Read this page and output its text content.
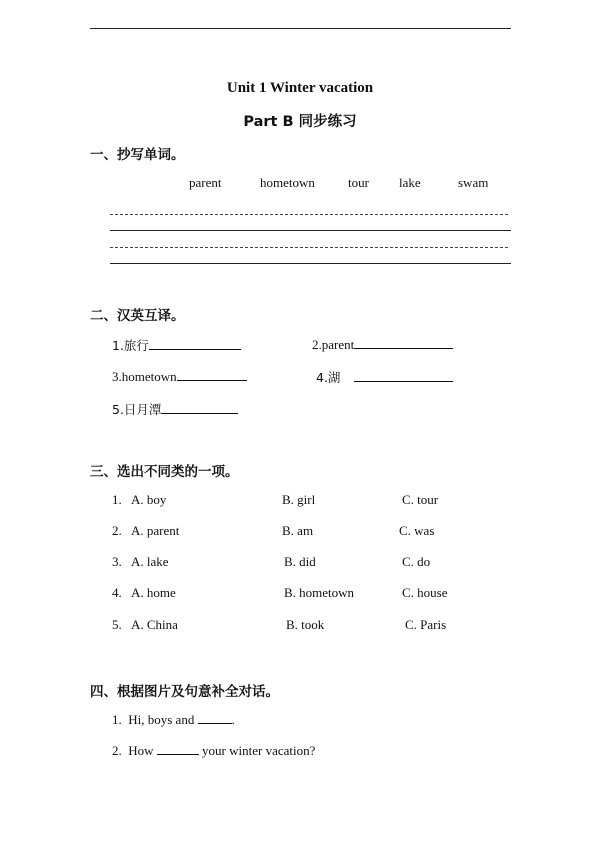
Unit 1 Winter vacation
Part B 同步练习
一、抄写单词。
parent	hometown	tour lake	swam
二、汉英互译。
1.旅行	2.parent
3.hometown	4.湖
5.日月潭
三、选出不同类的一项。
1. A. boy	B. girl	C. tour
2. A. parent	B. am	C. was
3. A. lake	B. did	C. do
4. A. home	B. hometown	C. house
5. A. China	B. took	C. Paris
四、根据图片及句意补全对话。
1. Hi, boys and	.
2. How	your winter vacation?
